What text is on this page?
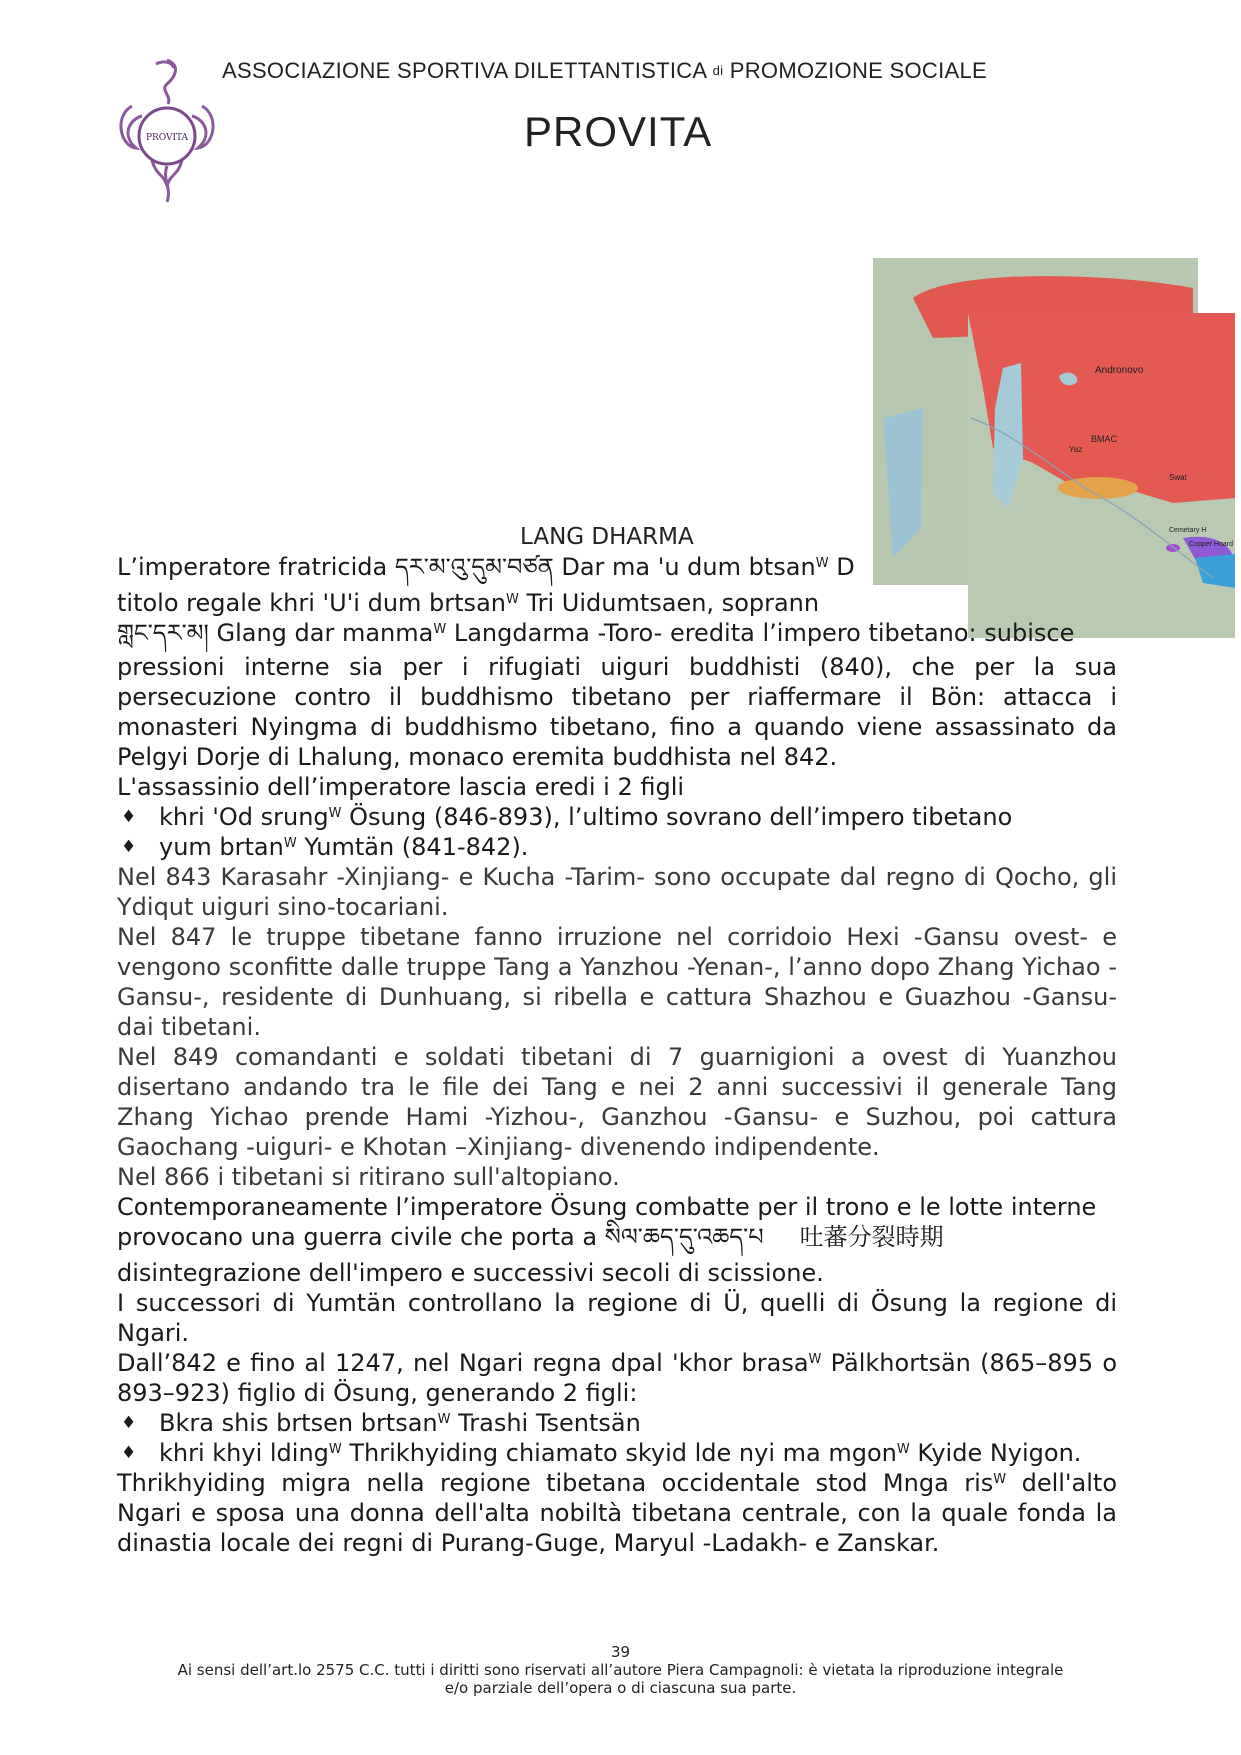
PROVITA
ASSOCIAZIONE SPORTIVA DILETTANTISTICA di PROMOZIONE SOCIALE
PROVITA
Andronovo
BMAC
Yaz
Swat
Cemetary H
Copper Hoard
LANG DHARMA

L’imperatore fratricida དར་མ་འུ་དུམ་བཙན Dar ma 'u dum btsan$^W$ D

titolo regale khri 'U'i dum brtsan$^W$ Tri Uidumtsaen, soprann

གླང་དར་མ། Glang dar manma$^W$ Langdarma -Toro- eredita l’impero tibetano: subisce

pressioni interne sia per i rifugiati uiguri buddhisti (840), che per la sua persecuzione contro il buddhismo tibetano per riaffermare il Bön: attacca i monasteri Nyingma di buddhismo tibetano, fino a quando viene assassinato da Pelgyi Dorje di Lhalung, monaco eremita buddhista nel 842.

L'assassinio dell’imperatore lascia eredi i 2 figli

♦ khri 'Od srung$^W$ Ösung (846-893), l’ultimo sovrano dell’impero tibetano
♦ yum brtan$^W$ Yumtän (841-842).

Nel 843 Karasahr -Xinjiang- e Kucha -Tarim- sono occupate dal regno di Qocho, gli Ydiqut uiguri sino-tocariani.

Nel 847 le truppe tibetane fanno irruzione nel corridoio Hexi -Gansu ovest- e vengono sconfitte dalle truppe Tang a Yanzhou -Yenan-, l’anno dopo Zhang Yichao -Gansu-, residente di Dunhuang, si ribella e cattura Shazhou e Guazhou -Gansu- dai tibetani.

Nel 849 comandanti e soldati tibetani di 7 guarnigioni a ovest di Yuanzhou disertano andando tra le file dei Tang e nei 2 anni successivi il generale Tang Zhang Yichao prende Hami -Yizhou-, Ganzhou -Gansu- e Suzhou, poi cattura Gaochang -uiguri- e Khotan –Xinjiang- divenendo indipendente.

Nel 866 i tibetani si ritirano sull'altopiano.

Contemporaneamente l’imperatore Ösung combatte per il trono e le lotte interne

provocano una guerra civile che porta a སིལ་ཆད་དུ་འཆད་པ 吐蕃分裂時期

disintegrazione dell'impero e successivi secoli di scissione.

I successori di Yumtän controllano la regione di Ü, quelli di Ösung la regione di Ngari.

Dall’842 e fino al 1247, nel Ngari regna dpal 'khor brasa$^W$ Pälkhortsän (865–895 o 893–923) figlio di Ösung, generando 2 figli:

♦ Bkra shis brtsen brtsan$^W$ Trashi Tsentsän
♦ khri khyi lding$^W$ Thrikhyiding chiamato skyid lde nyi ma mgon$^W$ Kyide Nyigon.

Thrikhyiding migra nella regione tibetana occidentale stod Mnga ris$^W$ dell'alto Ngari e sposa una donna dell'alta nobiltà tibetana centrale, con la quale fonda la dinastia locale dei regni di Purang-Guge, Maryul -Ladakh- e Zanskar.

39
Ai sensi dell’art.lo 2575 C.C. tutti i diritti sono riservati all’autore Piera Campagnoli: è vietata la riproduzione integrale
e/o parziale dell’opera o di ciascuna sua parte.
